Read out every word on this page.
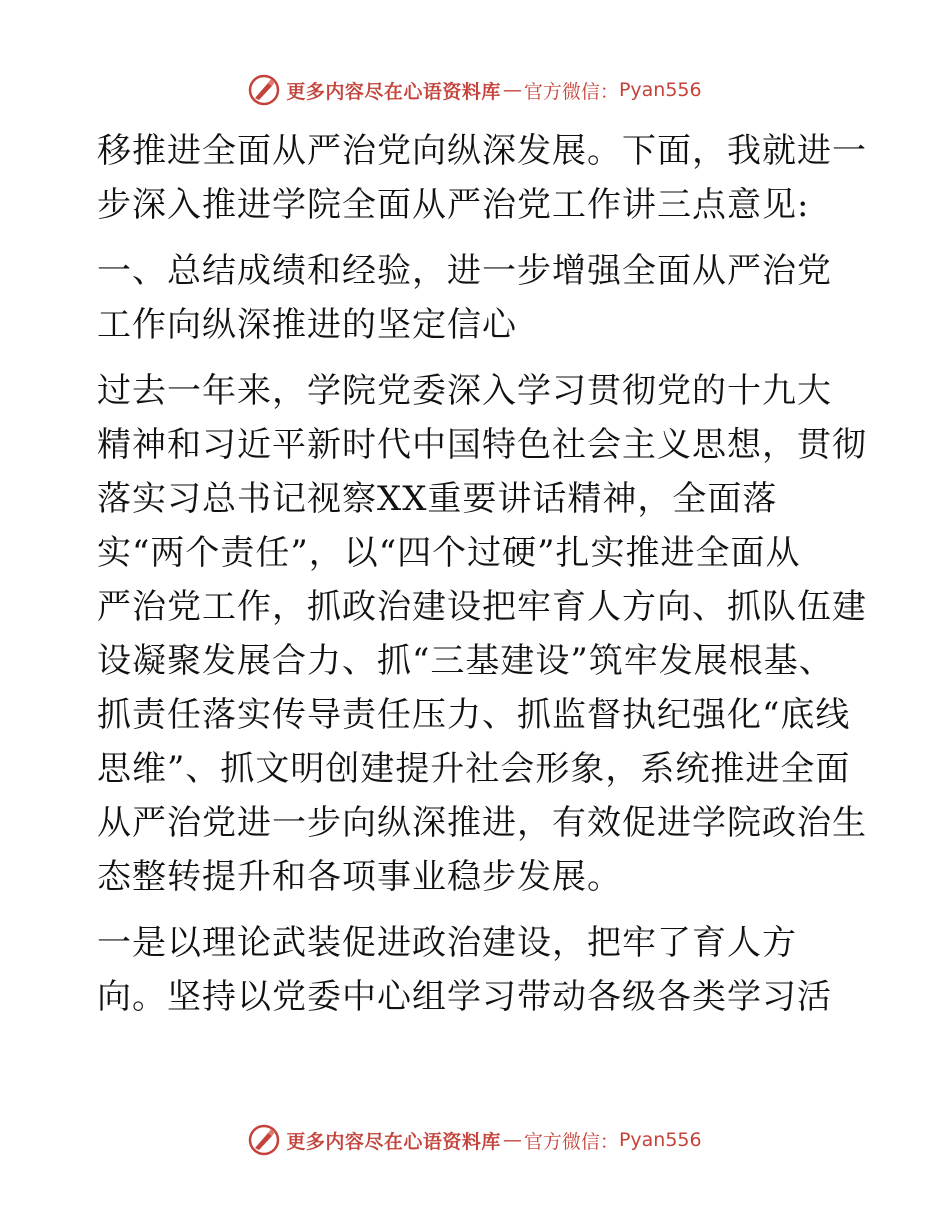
更多内容尽在心语资料库 — 官方微信： Pyan556
移推进全面从严治党向纵深发展。下面，我就进一
步深入推进学院全面从严治党工作讲三点意见:
一、总结成绩和经验，进一步增强全面从严治党
工作向纵深推进的坚定信心
过去一年来，学院党委深入学习贯彻党的十九大
精神和习近平新时代中国特色社会主义思想，贯彻
落实习总书记视察XX重要讲话精神，全面落
实“两个责任”，以“四个过硬”扎实推进全面从
严治党工作，抓政治建设把牢育人方向、抓队伍建
设凝聚发展合力、抓“三基建设”筑牢发展根基、
抓责任落实传导责任压力、抓监督执纪强化“底线
思维”、抓文明创建提升社会形象，系统推进全面
从严治党进一步向纵深推进，有效促进学院政治生
态整转提升和各项事业稳步发展。
一是以理论武装促进政治建设，把牢了育人方
向。坚持以党委中心组学习带动各级各类学习活
更多内容尽在心语资料库 — 官方微信： Pyan556
